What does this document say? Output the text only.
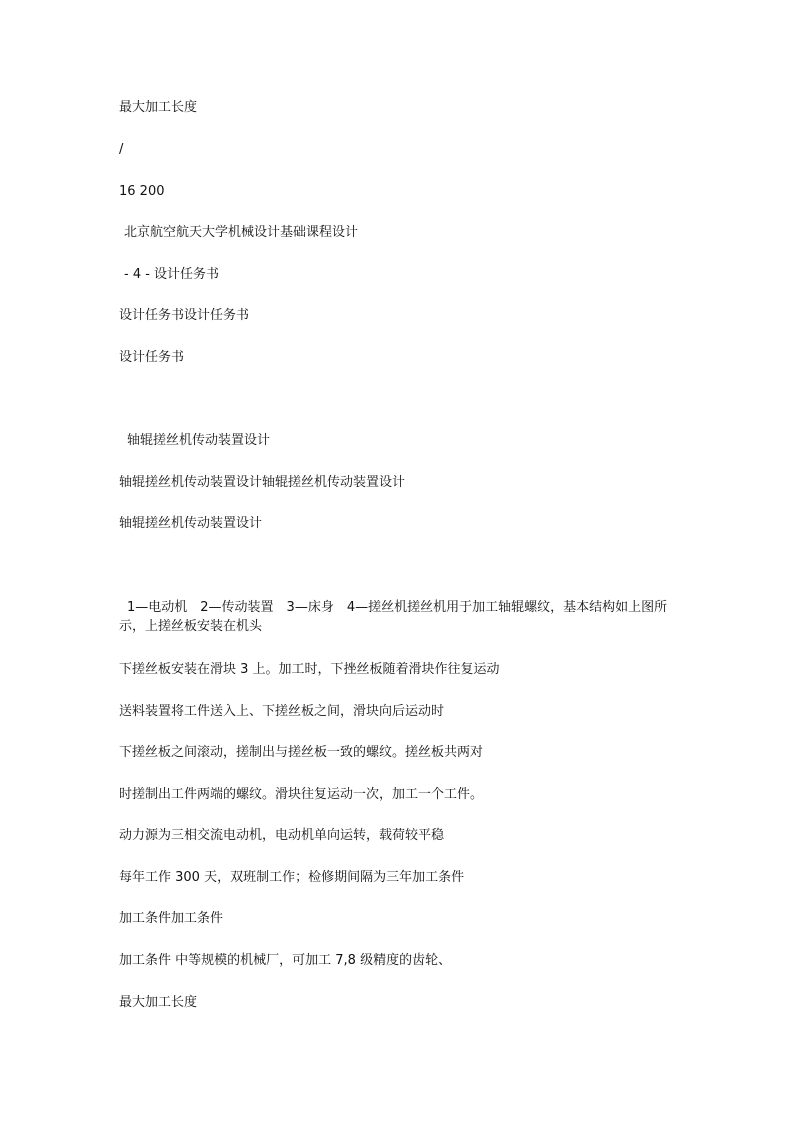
最大加工长度
/
16 200
北京航空航天大学机械设计基础课程设计
- 4 - 设计任务书
设计任务书设计任务书
设计任务书
轴辊搓丝机传动装置设计
轴辊搓丝机传动装置设计轴辊搓丝机传动装置设计
轴辊搓丝机传动装置设计
1—电动机　2—传动装置　3—床身　4—搓丝机搓丝机用于加工轴辊螺纹，基本结构如上图所示，上搓丝板安装在机头
下搓丝板安装在滑块 3 上。加工时，下挫丝板随着滑块作往复运动
送料装置将工件送入上、下搓丝板之间，滑块向后运动时
下搓丝板之间滚动，搓制出与搓丝板一致的螺纹。搓丝板共两对
时搓制出工件两端的螺纹。滑块往复运动一次，加工一个工件。
动力源为三相交流电动机，电动机单向运转，载荷较平稳
每年工作 300 天，双班制工作；检修期间隔为三年加工条件
加工条件加工条件
加工条件 中等规模的机械厂，可加工 7,8 级精度的齿轮、
最大加工长度
